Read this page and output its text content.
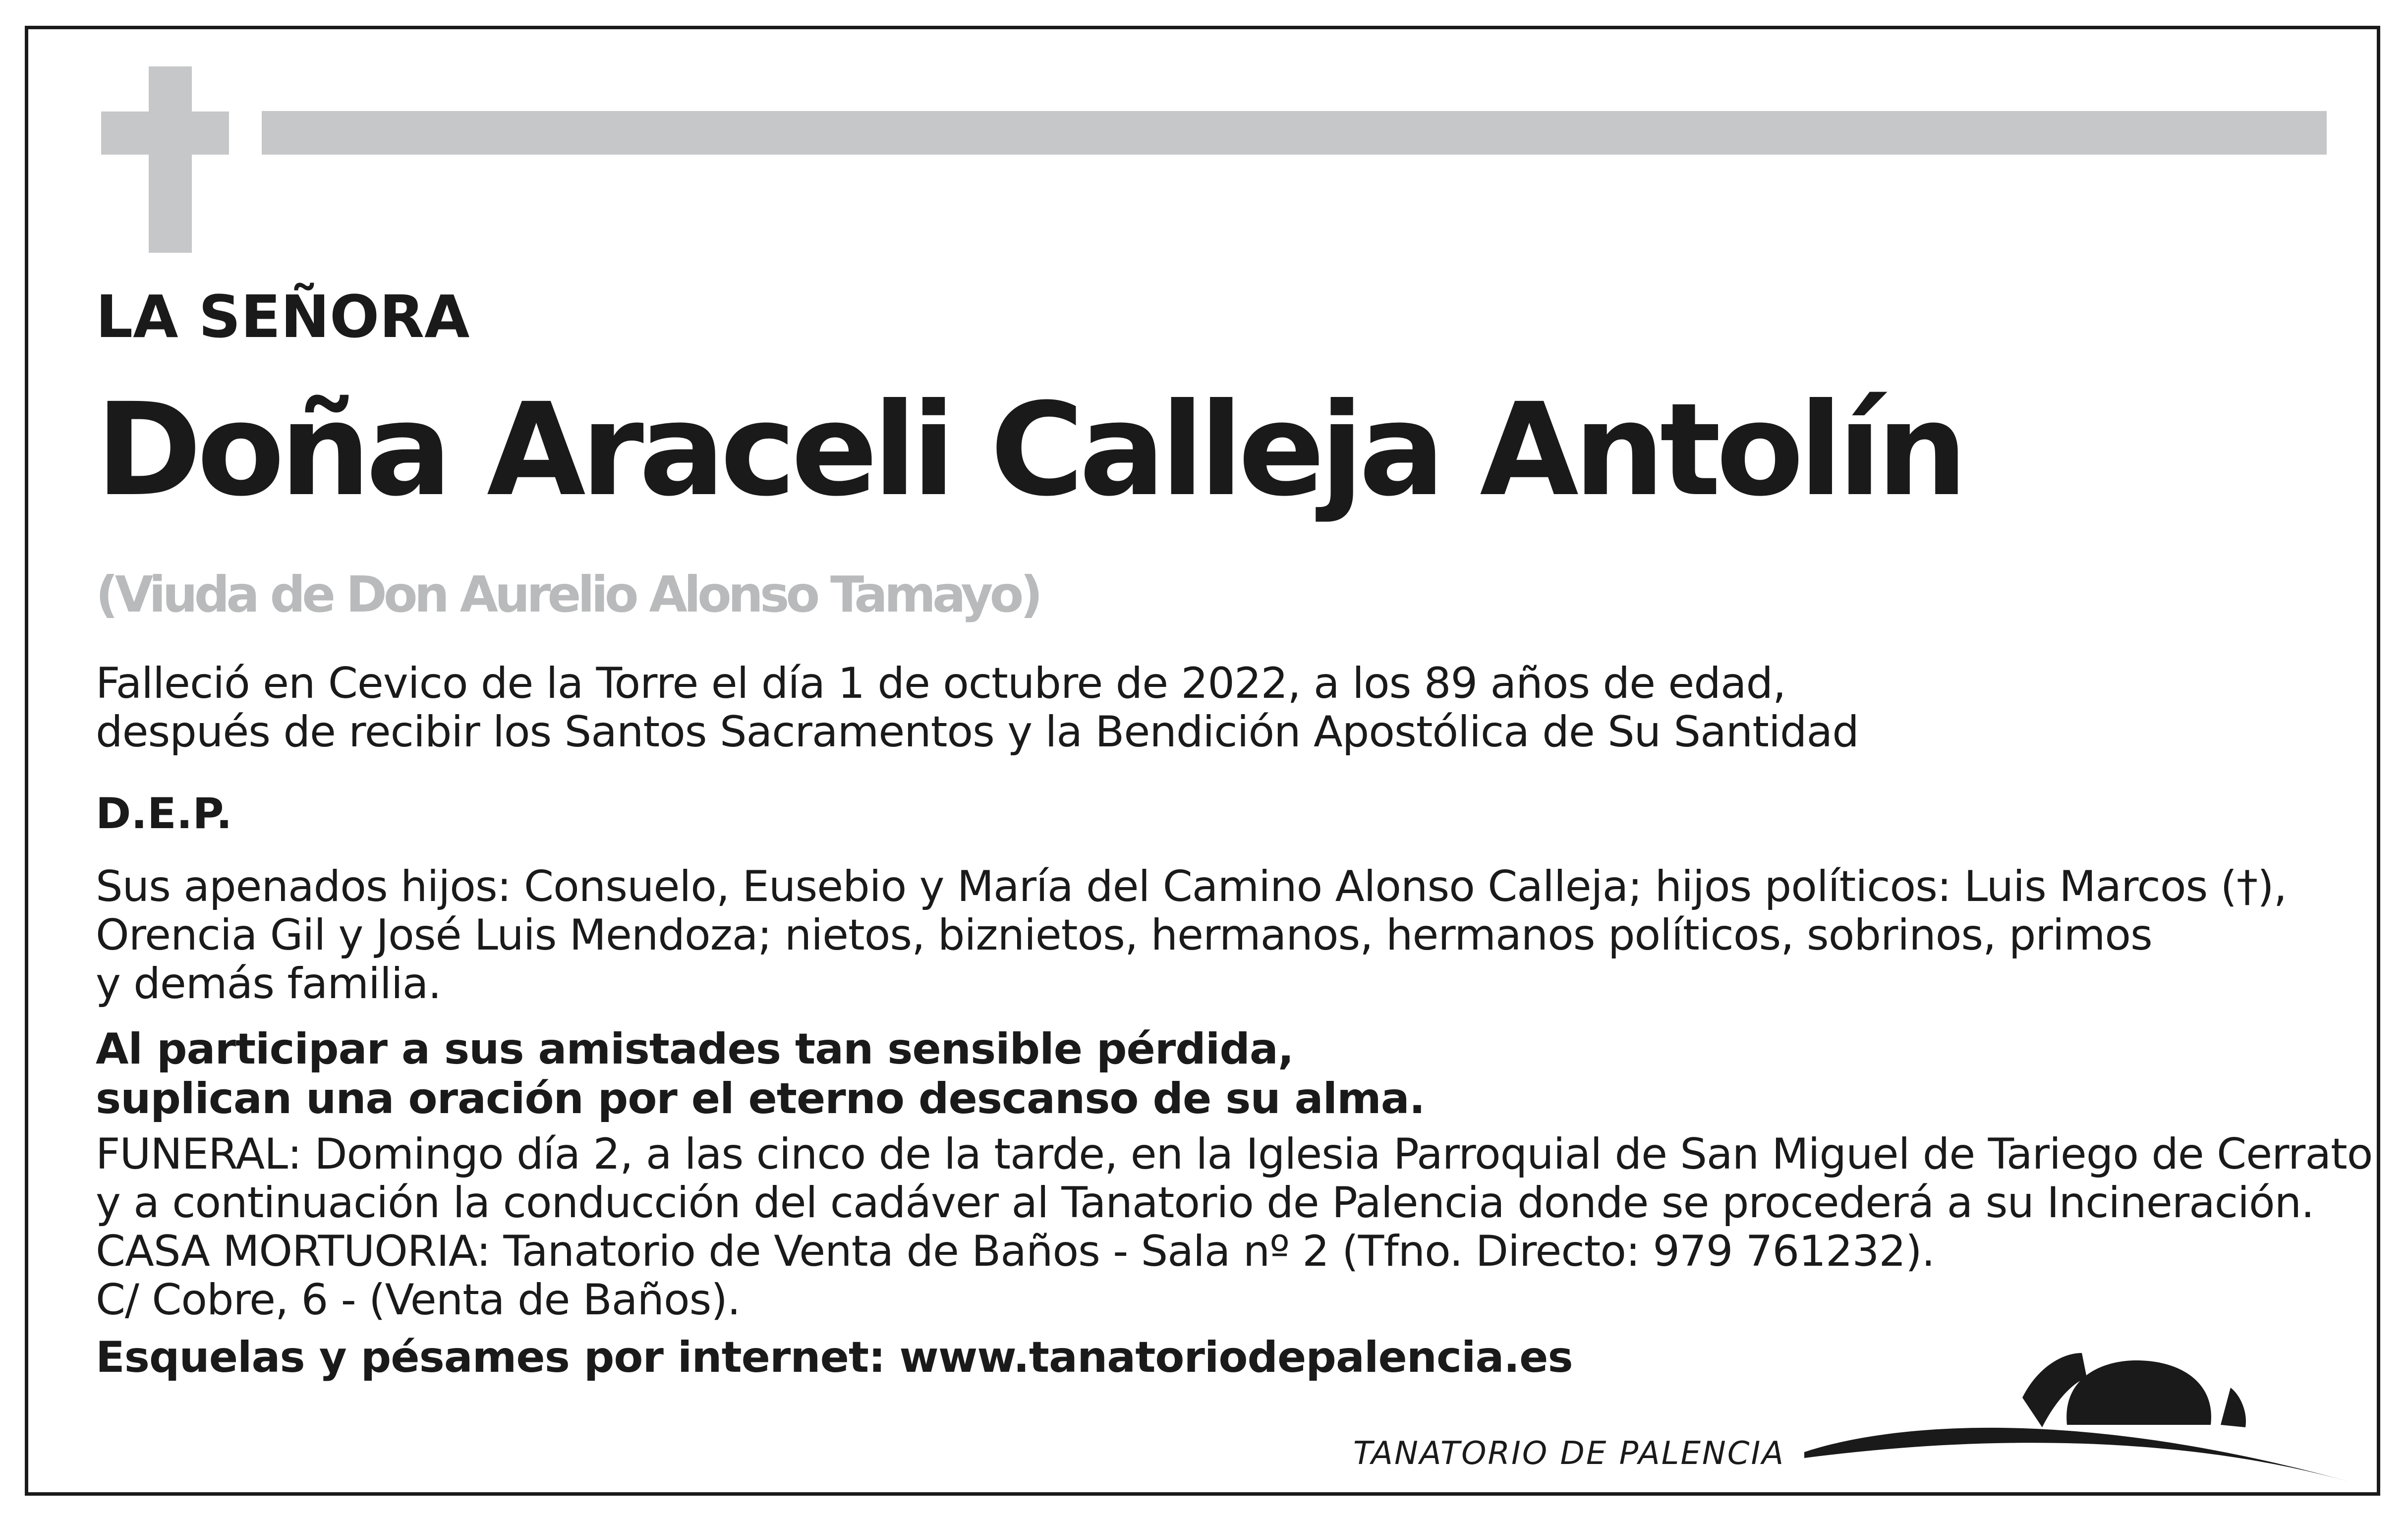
LA SEÑORA

Doña Araceli Calleja Antolín

(Viuda de Don Aurelio Alonso Tamayo)

Falleció en Cevico de la Torre el día 1 de octubre de 2022, a los 89 años de edad,
después de recibir los Santos Sacramentos y la Bendición Apostólica de Su Santidad

D.E.P.

Sus apenados hijos: Consuelo, Eusebio y María del Camino Alonso Calleja; hijos políticos: Luis Marcos (†),
Orencia Gil y José Luis Mendoza; nietos, biznietos, hermanos, hermanos políticos, sobrinos, primos
y demás familia.
Al participar a sus amistades tan sensible pérdida,
suplican una oración por el eterno descanso de su alma.
FUNERAL: Domingo día 2, a las cinco de la tarde, en la Iglesia Parroquial de San Miguel de Tariego de Cerrato
y a continuación la conducción del cadáver al Tanatorio de Palencia donde se procederá a su Incineración.
CASA MORTUORIA: Tanatorio de Venta de Baños - Sala nº 2 (Tfno. Directo: 979 761232).
C/ Cobre, 6 - (Venta de Baños).

Esquelas y pésames por internet: www.tanatoriodepalencia.es

TANATORIO DE PALENCIA
